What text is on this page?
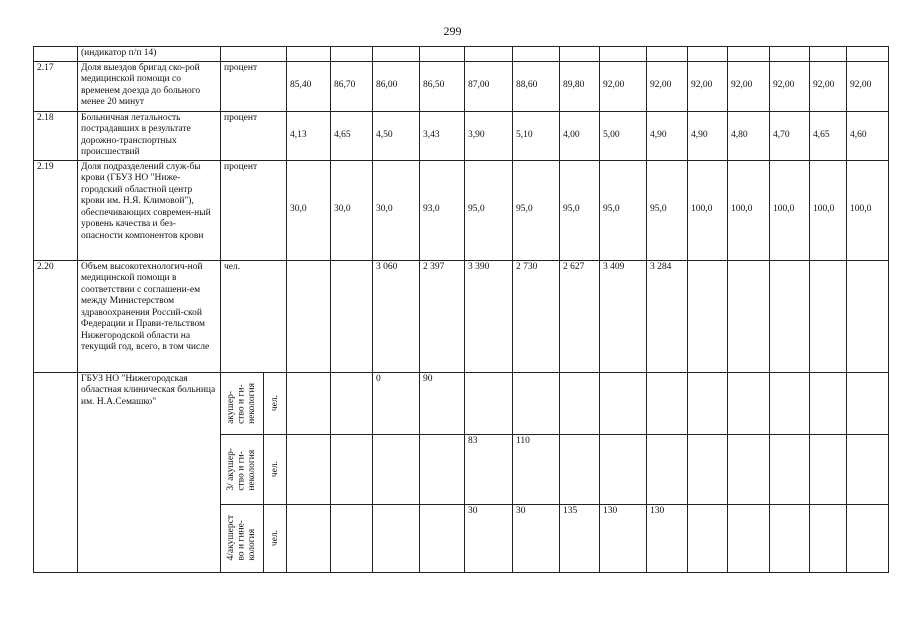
299
	(индикатор п/п 14)																
2.17	Доля выездов бригад ско-рой медицинской помощи со временем доезда до больного менее 20 минут	процент		85,40	86,70	86,00	86,50	87,00	88,60	89,80	92,00	92,00	92,00	92,00	92,00	92,00	92,00
2.18	Больничная летальность пострадавших в результате дорожно-транспортных происшествий	процент		4,13	4,65	4,50	3,43	3,90	5,10	4,00	5,00	4,90	4,90	4,80	4,70	4,65	4,60
2.19	Доля подразделений служ-бы крови (ГБУЗ НО "Ниже-городский областной центр крови им. Н.Я. Климовой"), обеспечивающих современ-ный уровень качества и без-опасности компонентов крови	процент		30,0	30,0	30,0	93,0	95,0	95,0	95,0	95,0	95,0	100,0	100,0	100,0	100,0	100,0
2.20	Объем высокотехнологич-ной медицинской помощи в соответствии с соглашени-ем между Министерством здравоохранения Россий-ской Федерации и Прави-тельством Нижегородской области на текущий год, всего, в том числе	чел.				3 060	2 397	3 390	2 730	2 627	3 409	3 284					
	ГБУЗ НО "Нижегородская областная клиническая больница им. Н.А.Семашко"	акушер-
ство и ги-
некология	чел.			0	90										

		3/ акушер-
ство и ги-
некология	чел.					83	110								

		4/акушерст
во и гине-
кология	чел.					30	30	135	130	130					
